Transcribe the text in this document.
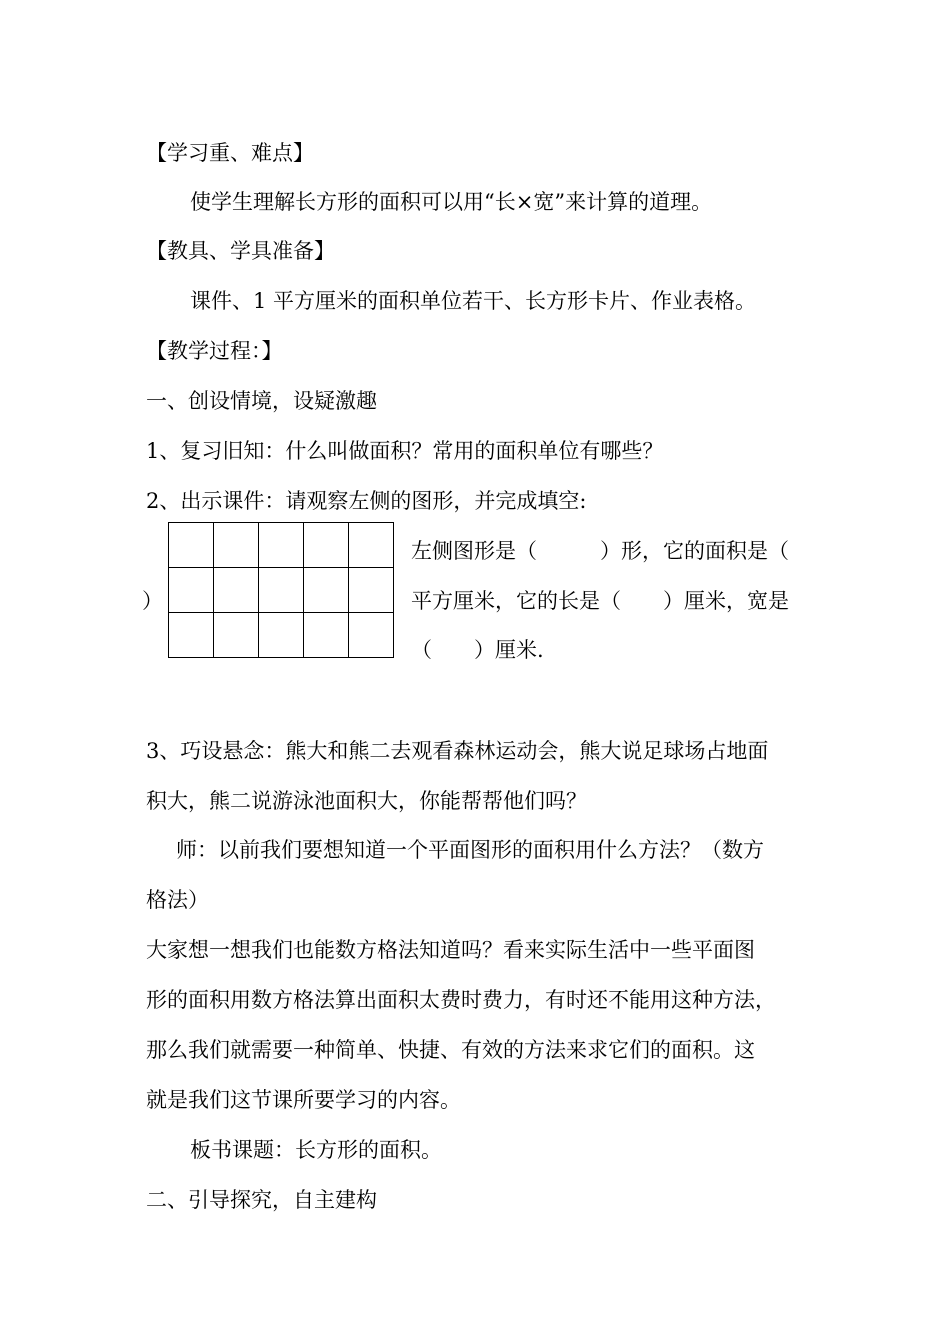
【学习重、难点】
使学生理解长方形的面积可以用“长×宽”来计算的道理。
【教具、学具准备】
课件、1 平方厘米的面积单位若干、长方形卡片、作业表格。
【教学过程：】
一、创设情境，设疑激趣
1、复习旧知：什么叫做面积？常用的面积单位有哪些？
2、出示课件：请观察左侧的图形，并完成填空:

左侧图形是（　　　）形，它的面积是（
）	平方厘米，它的长是（　　）厘米，宽是
（　　）厘米.
3、巧设悬念：熊大和熊二去观看森林运动会，熊大说足球场占地面
积大，熊二说游泳池面积大，你能帮帮他们吗？
师：以前我们要想知道一个平面图形的面积用什么方法？（数方
格法）
大家想一想我们也能数方格法知道吗？看来实际生活中一些平面图
形的面积用数方格法算出面积太费时费力，有时还不能用这种方法，
那么我们就需要一种简单、快捷、有效的方法来求它们的面积。这
就是我们这节课所要学习的内容。
板书课题：长方形的面积。
二、引导探究，自主建构
